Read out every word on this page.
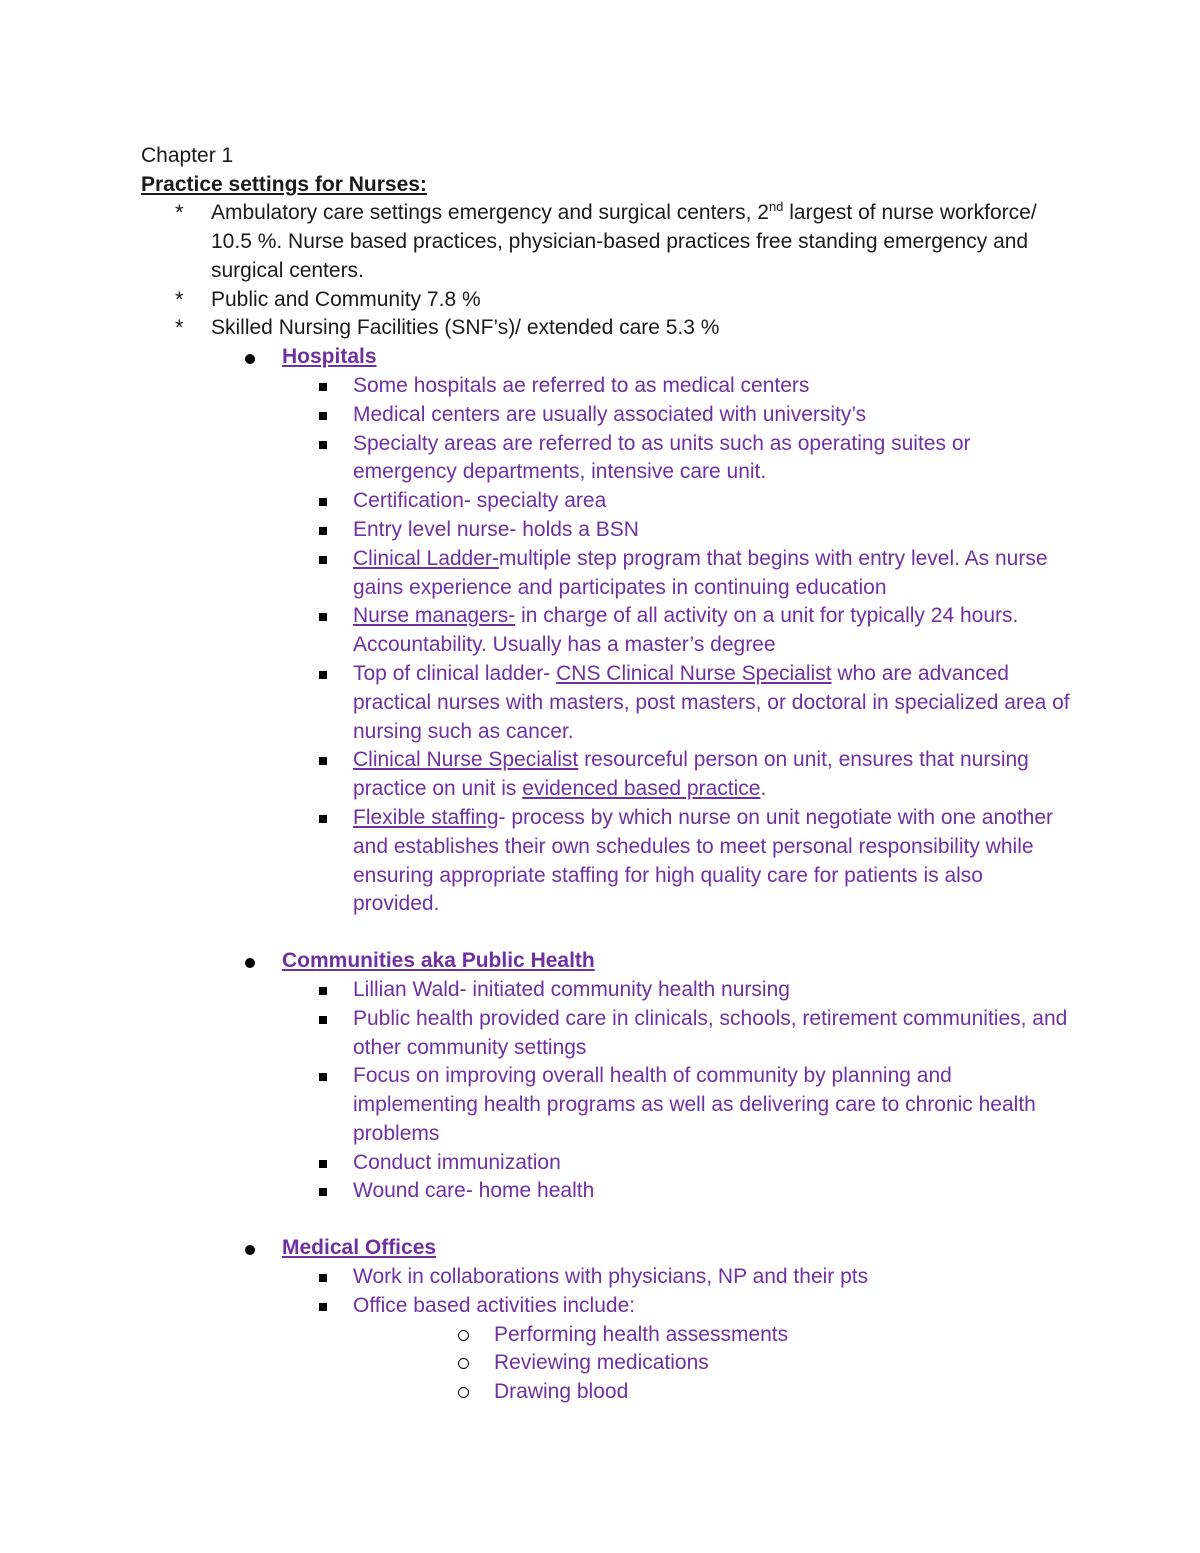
Chapter 1
Practice settings for Nurses:
* Ambulatory care settings emergency and surgical centers, 2nd largest of nurse workforce/ 10.5 %. Nurse based practices, physician-based practices free standing emergency and surgical centers.
* Public and Community 7.8 %
* Skilled Nursing Facilities (SNF’s)/ extended care 5.3 %
Hospitals
Some hospitals ae referred to as medical centers
Medical centers are usually associated with university’s
Specialty areas are referred to as units such as operating suites or emergency departments, intensive care unit.
Certification- specialty area
Entry level nurse- holds a BSN
Clinical Ladder-multiple step program that begins with entry level. As nurse gains experience and participates in continuing education
Nurse managers- in charge of all activity on a unit for typically 24 hours. Accountability. Usually has a master’s degree
Top of clinical ladder- CNS Clinical Nurse Specialist who are advanced practical nurses with masters, post masters, or doctoral in specialized area of nursing such as cancer.
Clinical Nurse Specialist resourceful person on unit, ensures that nursing practice on unit is evidenced based practice.
Flexible staffing- process by which nurse on unit negotiate with one another and establishes their own schedules to meet personal responsibility while ensuring appropriate staffing for high quality care for patients is also provided.
Communities aka Public Health
Lillian Wald- initiated community health nursing
Public health provided care in clinicals, schools, retirement communities, and other community settings
Focus on improving overall health of community by planning and implementing health programs as well as delivering care to chronic health problems
Conduct immunization
Wound care- home health
Medical Offices
Work in collaborations with physicians, NP and their pts
Office based activities include:
Performing health assessments
Reviewing medications
Drawing blood
